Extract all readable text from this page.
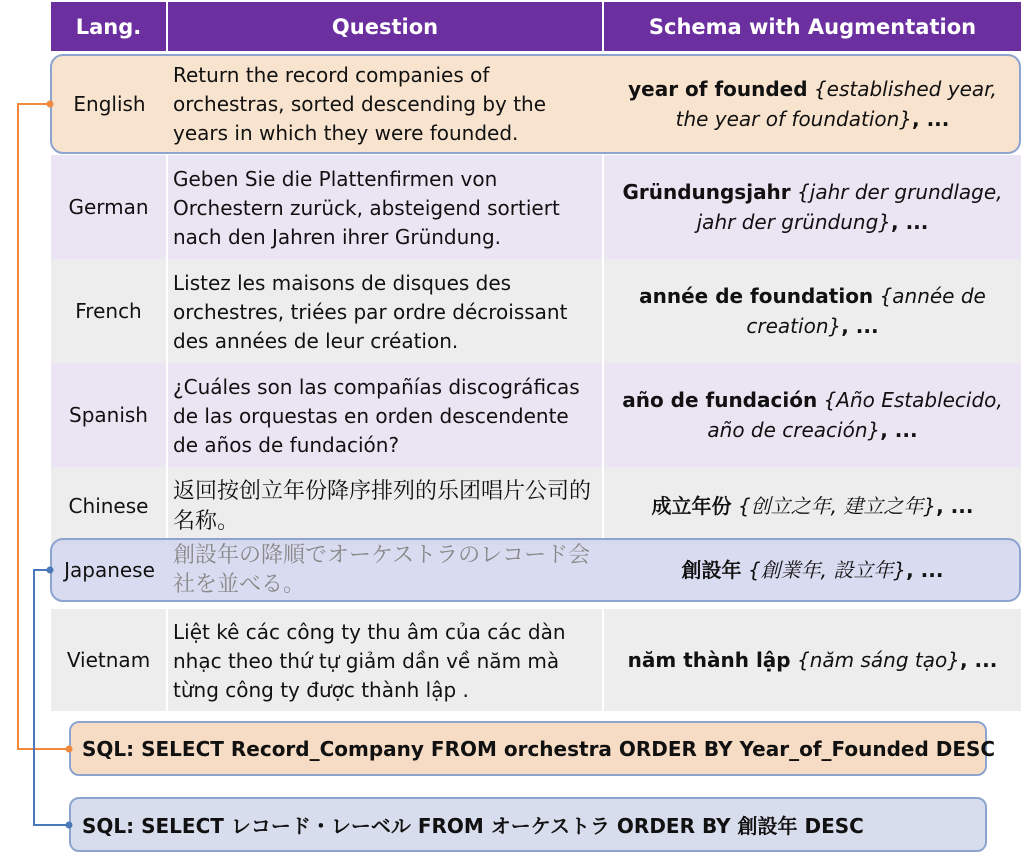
Lang.	Question	Schema with Augmentation
German
Geben Sie die Plattenfirmen von Orchestern zurück, absteigend sortiert nach den Jahren ihrer Gründung.
Gründungsjahr {jahr der grundlage, jahr der gründung}, ...
French
Listez les maisons de disques des orchestres, triées par ordre décroissant des années de leur création.
année de foundation {année de creation}, ...
Spanish
¿Cuáles son las compañías discográficas de las orquestas en orden descendente de años de fundación?
año de fundación {Año Establecido, año de creación}, ...
Chinese
返回按创立年份降序排列的乐团唱片公司的名称。
成立年份 {创立之年, 建立之年}, ...
Vietnam
Liệt kê các công ty thu âm của các dàn nhạc theo thứ tự giảm dần về năm mà từng công ty được thành lập .
năm thành lập {năm sáng tạo}, ...
English
Return the record companies of orchestras, sorted descending by the years in which they were founded.
year of founded {established year, the year of foundation}, ...
Japanese
創設年の降順でオーケストラのレコード会社を並べる。
創設年 {創業年, 設立年}, ...
SQL: SELECT Record_Company FROM orchestra ORDER BY Year_of_Founded DESC
SQL: SELECT レコード・レーベル FROM オーケストラ ORDER BY 創設年 DESC
